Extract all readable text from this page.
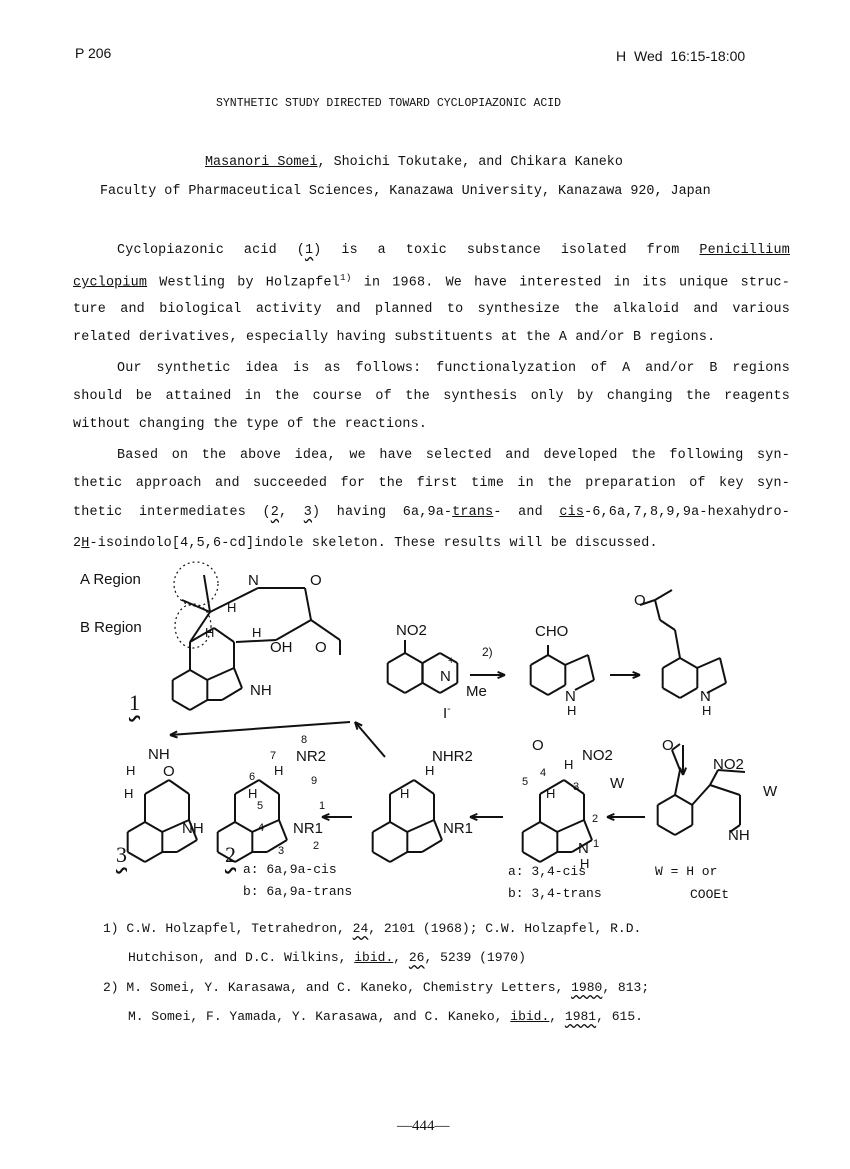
P 206	H Wed 16:15-18:00
SYNTHETIC STUDY DIRECTED TOWARD CYCLOPIAZONIC ACID
Masanori Somei, Shoichi Tokutake, and Chikara Kaneko
Faculty of Pharmaceutical Sciences, Kanazawa University, Kanazawa 920, Japan
Cyclopiazonic acid (1) is a toxic substance isolated from Penicillium
cyclopium Westling by Holzapfel$^{1)}$ in 1968. We have interested in its unique struc-
ture and biological activity and planned to synthesize the alkaloid and various
related derivatives, especially having substituents at the A and/or B regions.
Our synthetic idea is as follows: functionalyzation of A and/or B regions
should be attained in the course of the synthesis only by changing the reagents
without changing the type of the reactions.
Based on the above idea, we have selected and developed the following syn-
thetic approach and succeeded for the first time in the preparation of key syn-
thetic intermediates (2, 3) having 6a,9a-trans- and cis-6,6a,7,8,9,9a-hexahydro-
2H-isoindolo[4,5,6-cd]indole skeleton. These results will be discussed.
A Region
B Region
N	O
H
H	H
OH O
NH
1
NO2
N
+
Me
I-
2)
CHO
N
H
O
N
H
O
NO2
W
NH
O
NO2
W
H
H
N
H
5
4
3
2
1
a: 3,4-cis
b: 3,4-trans
NHR2
H
H
NR1
NR2
H
H
NR1
8
7
9
6
5	1
4
3	2
2
a: 6a,9a-cis
b: 6a,9a-trans
NH
O
H
H
NH
3
W = H or
COOEt
1) C.W. Holzapfel, Tetrahedron, 24, 2101 (1968); C.W. Holzapfel, R.D.
Hutchison, and D.C. Wilkins, ibid., 26, 5239 (1970)
2) M. Somei, Y. Karasawa, and C. Kaneko, Chemistry Letters, 1980, 813;
M. Somei, F. Yamada, Y. Karasawa, and C. Kaneko, ibid., 1981, 615.
—444—
